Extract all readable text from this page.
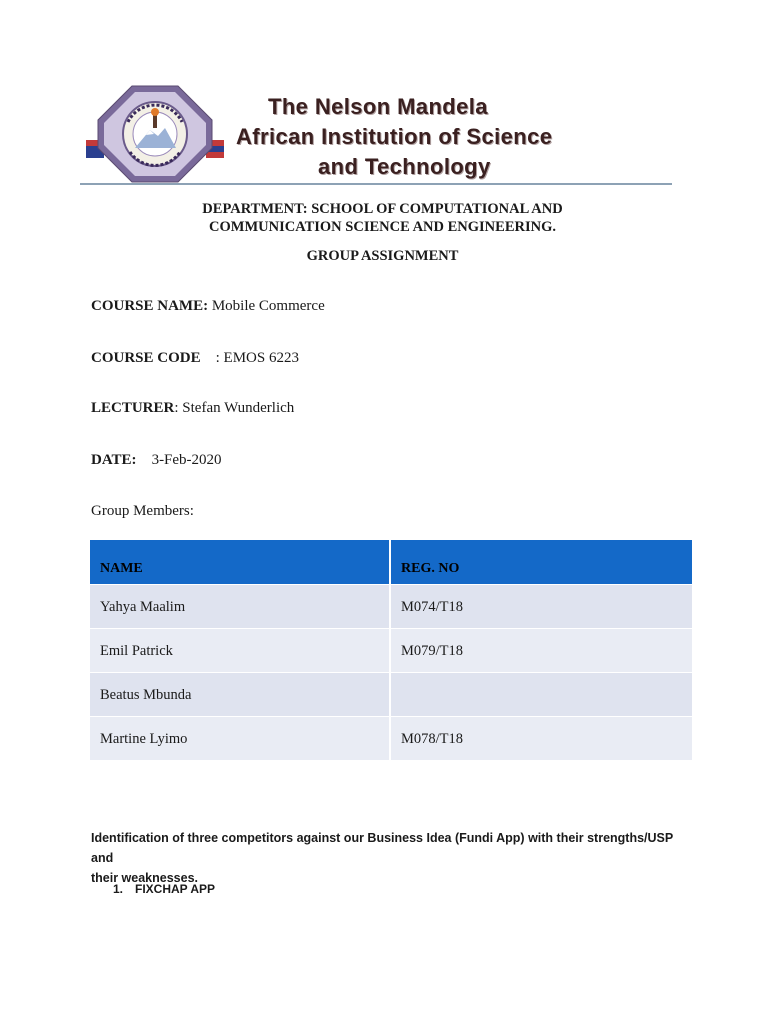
The Nelson Mandela
African Institution of Science
and Technology
DEPARTMENT: SCHOOL OF COMPUTATIONAL AND
COMMUNICATION SCIENCE AND ENGINEERING.
GROUP ASSIGNMENT
COURSE NAME: Mobile Commerce
COURSE CODE    : EMOS 6223
LECTURER: Stefan Wunderlich
DATE:    3-Feb-2020
Group Members:
NAME	REG. NO
Yahya Maalim	M074/T18
Emil Patrick	M079/T18
Beatus Mbunda
Martine Lyimo	M078/T18
Identification of three competitors against our Business Idea (Fundi App) with their strengths/USP and
their weaknesses.
1. FIXCHAP APP
